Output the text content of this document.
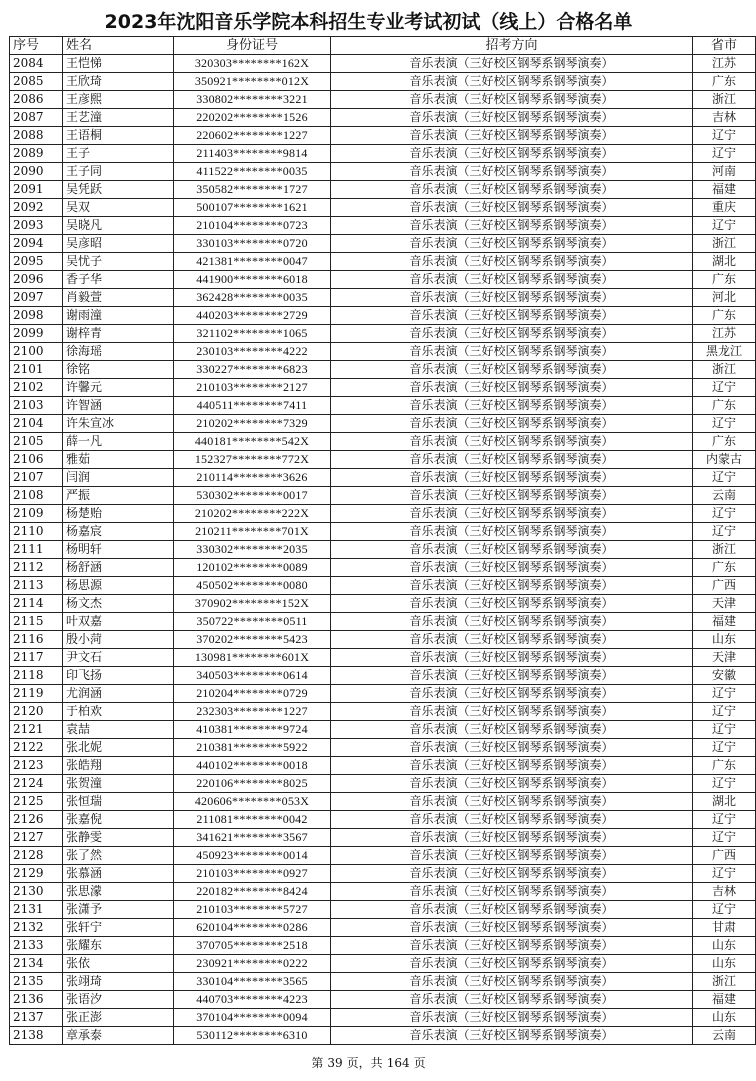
2023年沈阳音乐学院本科招生专业考试初试（线上）合格名单
序号	姓名	身份证号	招考方向	省市
2084	王恺悌	320303********162X	音乐表演（三好校区钢琴系钢琴演奏）	江苏
2085	王欣琦	350921********012X	音乐表演（三好校区钢琴系钢琴演奏）	广东
2086	王彦熙	330802********3221	音乐表演（三好校区钢琴系钢琴演奏）	浙江
2087	王艺潼	220202********1526	音乐表演（三好校区钢琴系钢琴演奏）	吉林
2088	王语桐	220602********1227	音乐表演（三好校区钢琴系钢琴演奏）	辽宁
2089	王子	211403********9814	音乐表演（三好校区钢琴系钢琴演奏）	辽宁
2090	王子同	411522********0035	音乐表演（三好校区钢琴系钢琴演奏）	河南
2091	吴凭跃	350582********1727	音乐表演（三好校区钢琴系钢琴演奏）	福建
2092	吴双	500107********1621	音乐表演（三好校区钢琴系钢琴演奏）	重庆
2093	吴晓凡	210104********0723	音乐表演（三好校区钢琴系钢琴演奏）	辽宁
2094	吴彦昭	330103********0720	音乐表演（三好校区钢琴系钢琴演奏）	浙江
2095	吴忧子	421381********0047	音乐表演（三好校区钢琴系钢琴演奏）	湖北
2096	香子华	441900********6018	音乐表演（三好校区钢琴系钢琴演奏）	广东
2097	肖毅萱	362428********0035	音乐表演（三好校区钢琴系钢琴演奏）	河北
2098	谢雨潼	440203********2729	音乐表演（三好校区钢琴系钢琴演奏）	广东
2099	谢梓青	321102********1065	音乐表演（三好校区钢琴系钢琴演奏）	江苏
2100	徐海瑶	230103********4222	音乐表演（三好校区钢琴系钢琴演奏）	黑龙江
2101	徐铭	330227********6823	音乐表演（三好校区钢琴系钢琴演奏）	浙江
2102	许馨元	210103********2127	音乐表演（三好校区钢琴系钢琴演奏）	辽宁
2103	许智涵	440511********7411	音乐表演（三好校区钢琴系钢琴演奏）	广东
2104	许朱宣冰	210202********7329	音乐表演（三好校区钢琴系钢琴演奏）	辽宁
2105	薛一凡	440181********542X	音乐表演（三好校区钢琴系钢琴演奏）	广东
2106	雅茹	152327********772X	音乐表演（三好校区钢琴系钢琴演奏）	内蒙古
2107	闫润	210114********3626	音乐表演（三好校区钢琴系钢琴演奏）	辽宁
2108	严振	530302********0017	音乐表演（三好校区钢琴系钢琴演奏）	云南
2109	杨楚贻	210202********222X	音乐表演（三好校区钢琴系钢琴演奏）	辽宁
2110	杨嘉宸	210211********701X	音乐表演（三好校区钢琴系钢琴演奏）	辽宁
2111	杨明轩	330302********2035	音乐表演（三好校区钢琴系钢琴演奏）	浙江
2112	杨舒涵	120102********0089	音乐表演（三好校区钢琴系钢琴演奏）	广东
2113	杨思源	450502********0080	音乐表演（三好校区钢琴系钢琴演奏）	广西
2114	杨文杰	370902********152X	音乐表演（三好校区钢琴系钢琴演奏）	天津
2115	叶双嘉	350722********0511	音乐表演（三好校区钢琴系钢琴演奏）	福建
2116	殷小菏	370202********5423	音乐表演（三好校区钢琴系钢琴演奏）	山东
2117	尹文石	130981********601X	音乐表演（三好校区钢琴系钢琴演奏）	天津
2118	印飞扬	340503********0614	音乐表演（三好校区钢琴系钢琴演奏）	安徽
2119	尤润涵	210204********0729	音乐表演（三好校区钢琴系钢琴演奏）	辽宁
2120	于柏欢	232303********1227	音乐表演（三好校区钢琴系钢琴演奏）	辽宁
2121	袁喆	410381********9724	音乐表演（三好校区钢琴系钢琴演奏）	辽宁
2122	张北妮	210381********5922	音乐表演（三好校区钢琴系钢琴演奏）	辽宁
2123	张皓翔	440102********0018	音乐表演（三好校区钢琴系钢琴演奏）	广东
2124	张贺潼	220106********8025	音乐表演（三好校区钢琴系钢琴演奏）	辽宁
2125	张恒瑞	420606********053X	音乐表演（三好校区钢琴系钢琴演奏）	湖北
2126	张嘉倪	211081********0042	音乐表演（三好校区钢琴系钢琴演奏）	辽宁
2127	张静雯	341621********3567	音乐表演（三好校区钢琴系钢琴演奏）	辽宁
2128	张了然	450923********0014	音乐表演（三好校区钢琴系钢琴演奏）	广西
2129	张慕涵	210103********0927	音乐表演（三好校区钢琴系钢琴演奏）	辽宁
2130	张思濛	220182********8424	音乐表演（三好校区钢琴系钢琴演奏）	吉林
2131	张潇予	210103********5727	音乐表演（三好校区钢琴系钢琴演奏）	辽宁
2132	张轩宁	620104********0286	音乐表演（三好校区钢琴系钢琴演奏）	甘肃
2133	张耀东	370705********2518	音乐表演（三好校区钢琴系钢琴演奏）	山东
2134	张依	230921********0222	音乐表演（三好校区钢琴系钢琴演奏）	山东
2135	张翊琦	330104********3565	音乐表演（三好校区钢琴系钢琴演奏）	浙江
2136	张语汐	440703********4223	音乐表演（三好校区钢琴系钢琴演奏）	福建
2137	张正澎	370104********0094	音乐表演（三好校区钢琴系钢琴演奏）	山东
2138	章承泰	530112********6310	音乐表演（三好校区钢琴系钢琴演奏）	云南
第 39 页，共 164 页
